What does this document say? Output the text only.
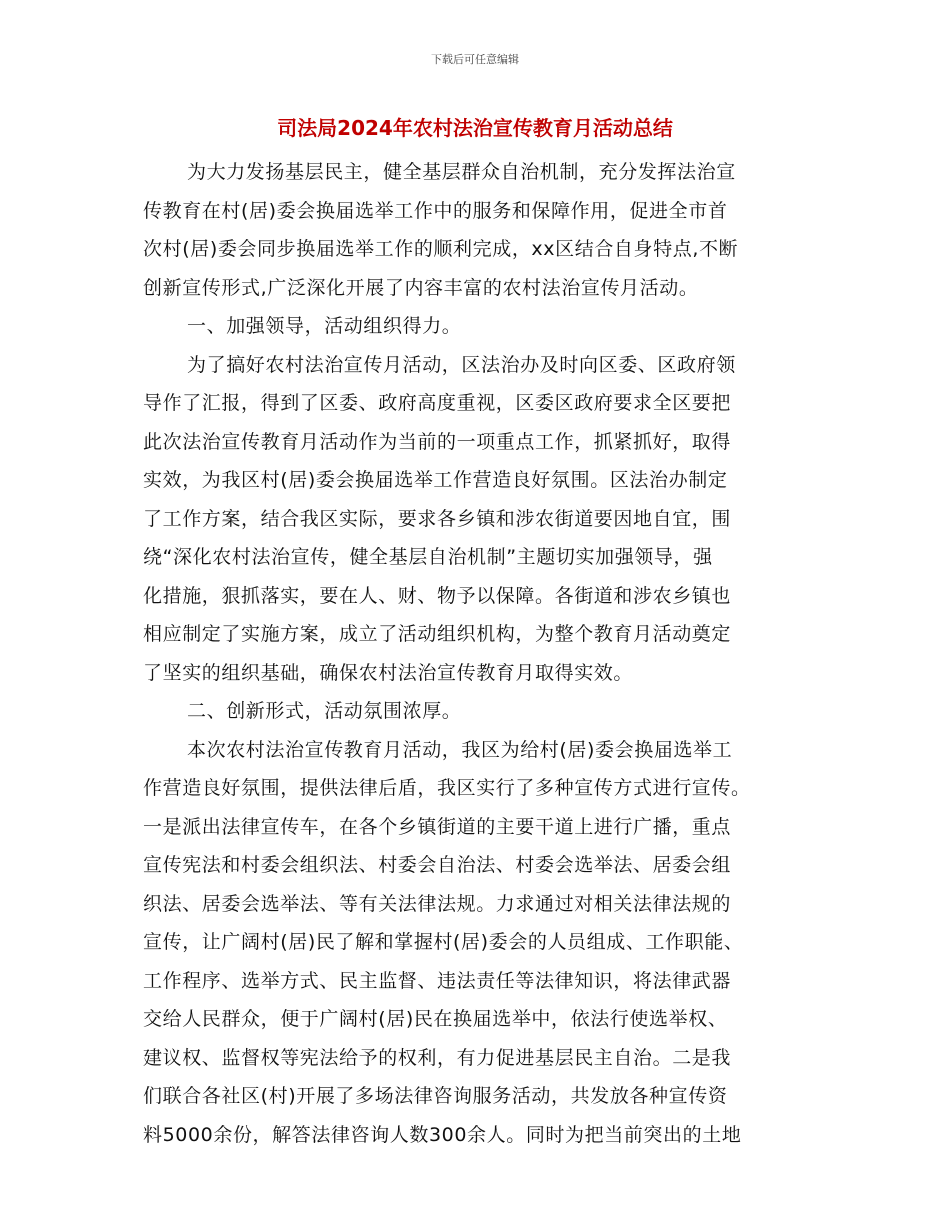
下载后可任意编辑
司法局2024年农村法治宣传教育月活动总结
为大力发扬基层民主，健全基层群众自治机制，充分发挥法治宣
传教育在村(居)委会换届选举工作中的服务和保障作用，促进全市首
次村(居)委会同步换届选举工作的顺利完成，xx区结合自身特点,不断
创新宣传形式,广泛深化开展了内容丰富的农村法治宣传月活动。
一、加强领导，活动组织得力。
为了搞好农村法治宣传月活动，区法治办及时向区委、区政府领
导作了汇报，得到了区委、政府高度重视，区委区政府要求全区要把
此次法治宣传教育月活动作为当前的一项重点工作，抓紧抓好，取得
实效，为我区村(居)委会换届选举工作营造良好氛围。区法治办制定
了工作方案，结合我区实际，要求各乡镇和涉农街道要因地自宜，围
绕“深化农村法治宣传，健全基层自治机制”主题切实加强领导，强
化措施，狠抓落实，要在人、财、物予以保障。各街道和涉农乡镇也
相应制定了实施方案，成立了活动组织机构，为整个教育月活动奠定
了坚实的组织基础，确保农村法治宣传教育月取得实效。
二、创新形式，活动氛围浓厚。
本次农村法治宣传教育月活动，我区为给村(居)委会换届选举工
作营造良好氛围，提供法律后盾，我区实行了多种宣传方式进行宣传。
一是派出法律宣传车，在各个乡镇街道的主要干道上进行广播，重点
宣传宪法和村委会组织法、村委会自治法、村委会选举法、居委会组
织法、居委会选举法、等有关法律法规。力求通过对相关法律法规的
宣传，让广阔村(居)民了解和掌握村(居)委会的人员组成、工作职能、
工作程序、选举方式、民主监督、违法责任等法律知识，将法律武器
交给人民群众，便于广阔村(居)民在换届选举中，依法行使选举权、
建议权、监督权等宪法给予的权利，有力促进基层民主自治。二是我
们联合各社区(村)开展了多场法律咨询服务活动，共发放各种宣传资
料5000余份，解答法律咨询人数300余人。同时为把当前突出的土地
